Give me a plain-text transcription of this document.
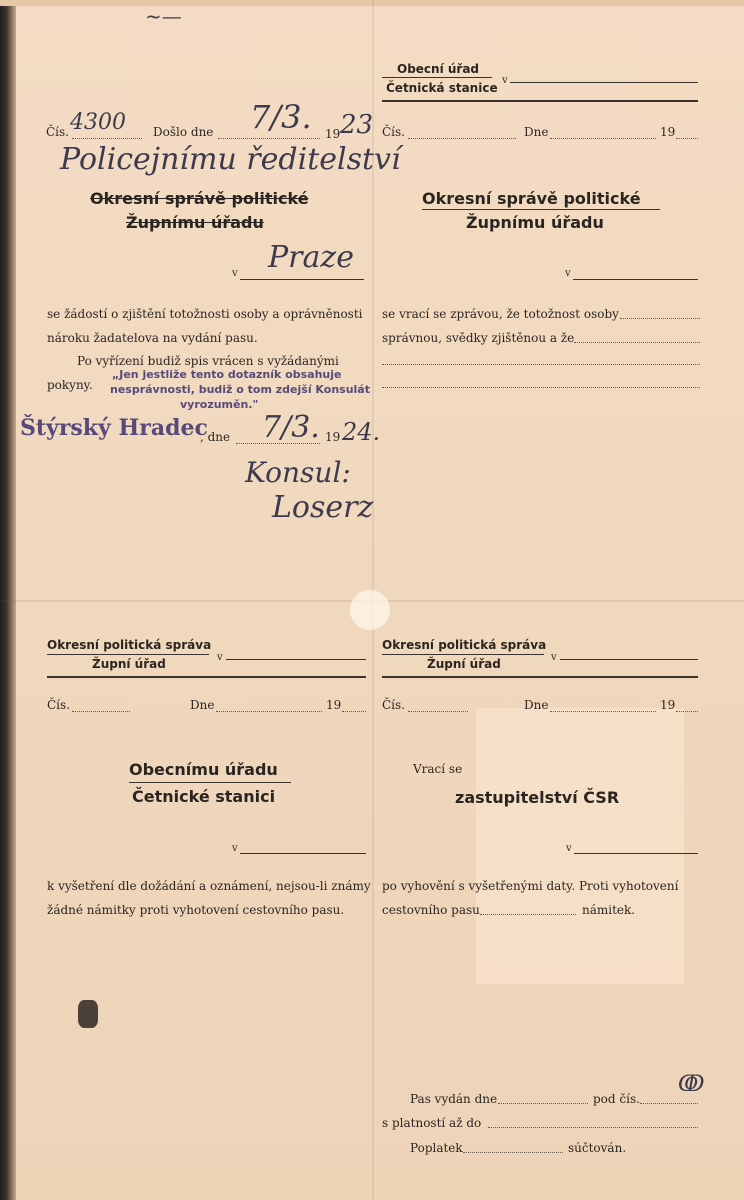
~—
Obecní úřad
Četnická stanice
v
Čís. 4300 Došlo dne 7/3. 19 23
Policejnímu ředitelství
Okresní správě politické
Župnímu úřadu
v Praze
se žádostí o zjištění totožnosti osoby a oprávněnosti
nároku žadatelova na vydání pasu.
Po vyřízení budiž spis vrácen s vyžádanými
pokyny.
„Jen jestliže tento dotazník obsahuje
nesprávnosti, budiž o tom zdejší Konsulát
vyrozuměn."
Štýrský Hradec
, dne 7/3. 19 24.
Konsul:
Loserz
Čís.	Dne	19
Okresní správě politické
Župnímu úřadu
v
se vrací se zprávou, že totožnost osoby
správnou, svědky zjištěnou a že
Okresní politická správa
Župní úřad	v
Čís.	Dne	19
Obecnímu úřadu
Četnické stanici
v
k vyšetření dle dožádání a oznámení, nejsou-li známy
žádné námitky proti vyhotovení cestovního pasu.
Okresní politická správa
Župní úřad	v
Čís.	Dne	19
Vrací se
zastupitelství ČSR
v
po vyhovění s vyšetřenými daty. Proti vyhotovení
cestovního pasu	námitek.
Pas vydán dne	pod čís.
ↂ
s platností až do
Poplatek	súčtován.
